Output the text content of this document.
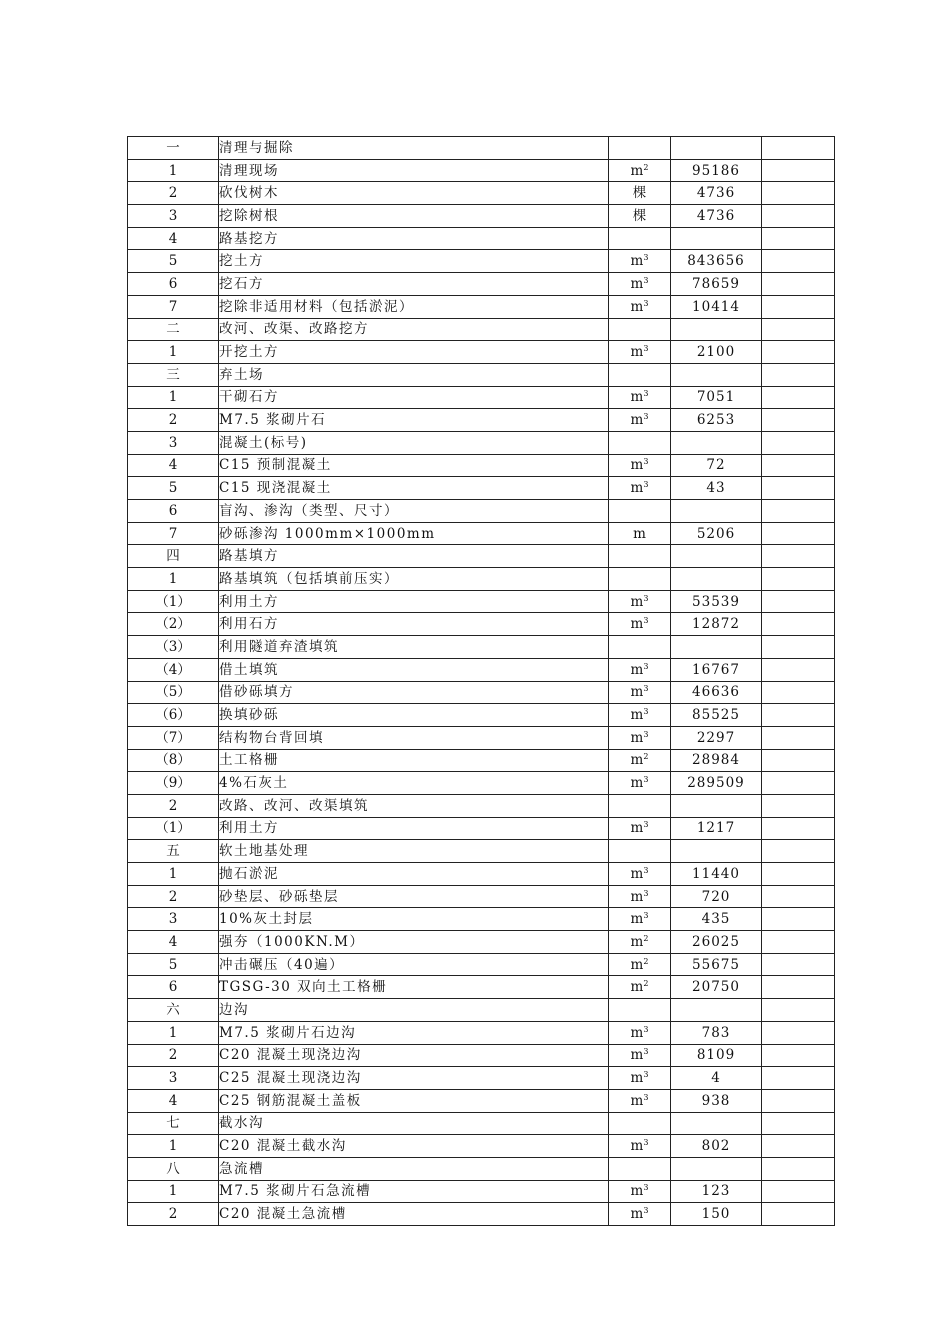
一	清理与掘除			
1	清理现场	$m^2$	95186	
2	砍伐树木	棵	4736	
3	挖除树根	棵	4736	
4	路基挖方			
5	挖土方	$m^3$	843656	
6	挖石方	$m^3$	78659	
7	挖除非适用材料（包括淤泥）	$m^3$	10414	
二	改河、改渠、改路挖方			
1	开挖土方	$m^3$	2100	
三	弃土场			
1	干砌石方	$m^3$	7051	
2	M7.5 浆砌片石	$m^3$	6253	
3	混凝土(标号)			
4	C15 预制混凝土	$m^3$	72	
5	C15 现浇混凝土	$m^3$	43	
6	盲沟、渗沟（类型、尺寸）			
7	砂砾渗沟 1000mm×1000mm	m	5206	
四	路基填方			
1	路基填筑（包括填前压实）			
（1）	利用土方	$m^3$	53539	
（2）	利用石方	$m^3$	12872	
（3）	利用隧道弃渣填筑			
（4）	借土填筑	$m^3$	16767	
（5）	借砂砾填方	$m^3$	46636	
（6）	换填砂砾	$m^3$	85525	
（7）	结构物台背回填	$m^3$	2297	
（8）	土工格栅	$m^2$	28984	
（9）	4%石灰土	$m^3$	289509	
2	改路、改河、改渠填筑			
（1）	利用土方	$m^3$	1217	
五	软土地基处理			
1	抛石淤泥	$m^3$	11440	
2	砂垫层、砂砾垫层	$m^3$	720	
3	10%灰土封层	$m^3$	435	
4	强夯（1000KN.M）	$m^2$	26025	
5	冲击碾压（40遍）	$m^2$	55675	
6	TGSG-30 双向土工格栅	$m^2$	20750	
六	边沟			
1	M7.5 浆砌片石边沟	$m^3$	783	
2	C20 混凝土现浇边沟	$m^3$	8109	
3	C25 混凝土现浇边沟	$m^3$	4	
4	C25 钢筋混凝土盖板	$m^3$	938	
七	截水沟			
1	C20 混凝土截水沟	$m^3$	802	
八	急流槽			
1	M7.5 浆砌片石急流槽	$m^3$	123	
2	C20 混凝土急流槽	$m^3$	150	
